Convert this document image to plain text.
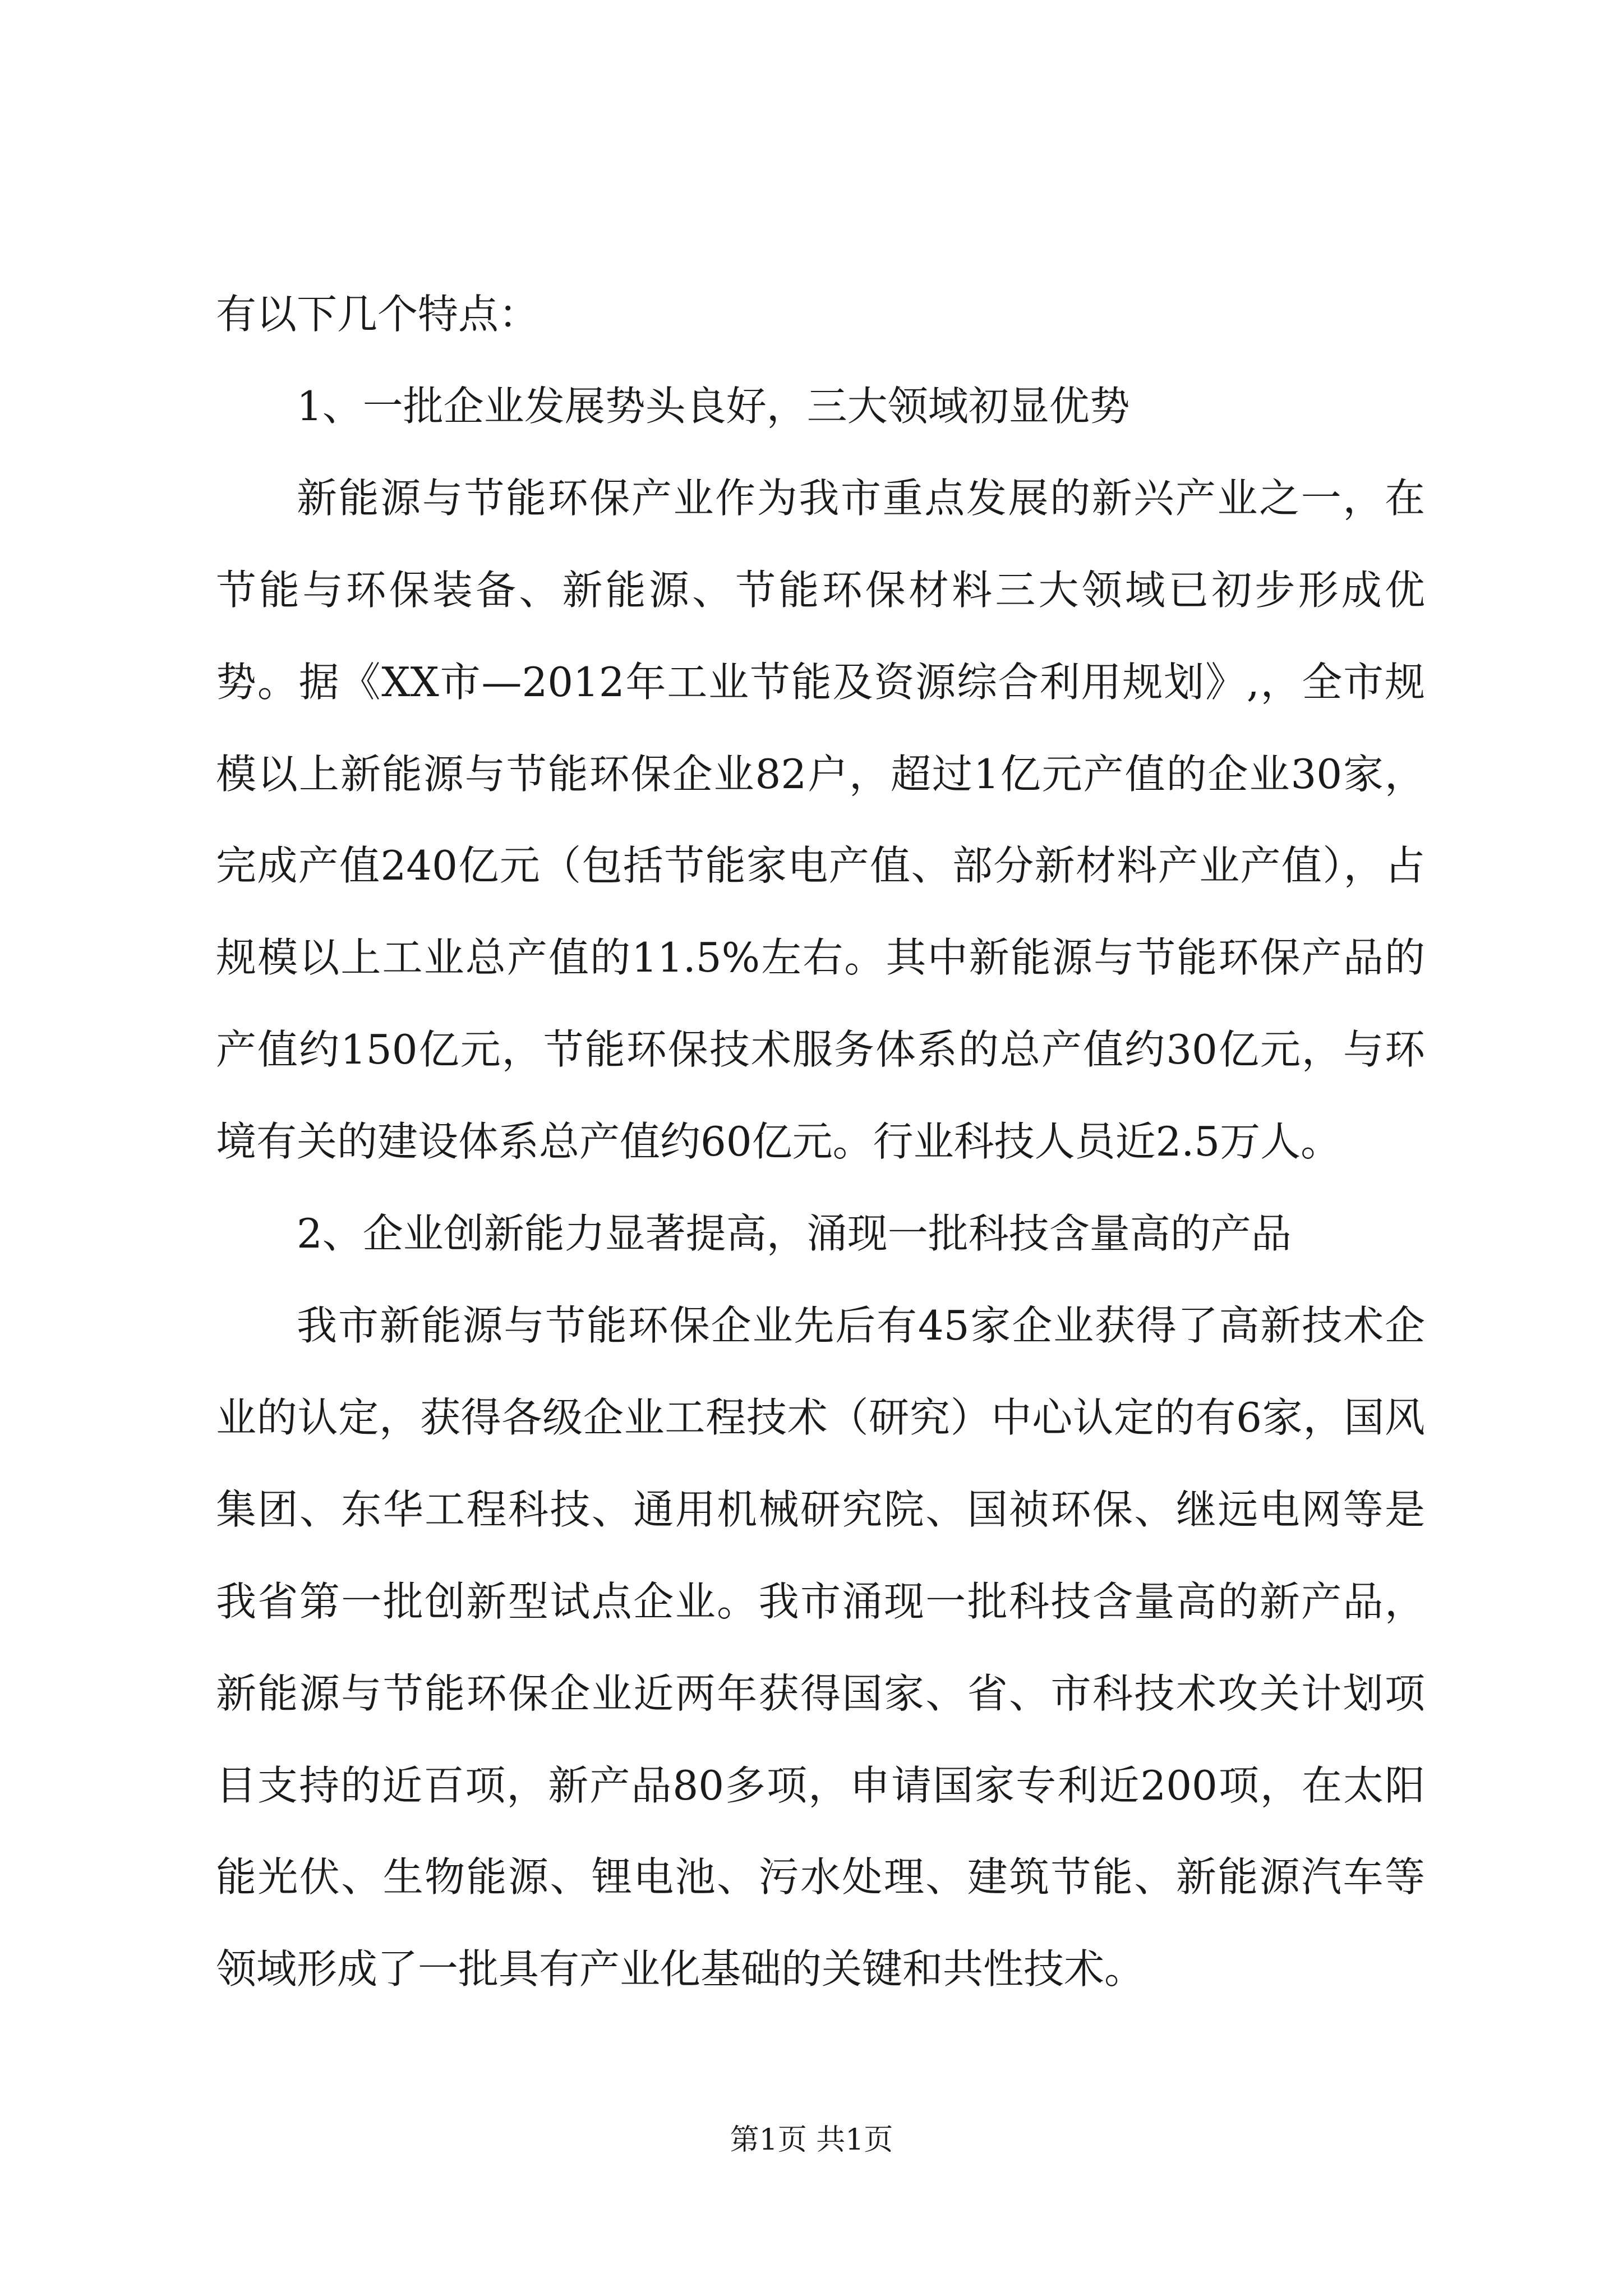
有以下几个特点：

1、一批企业发展势头良好，三大领域初显优势

新能源与节能环保产业作为我市重点发展的新兴产业之一，在节能与环保装备、新能源、节能环保材料三大领域已初步形成优势。据《XX市—2012年工业节能及资源综合利用规划》,，全市规模以上新能源与节能环保企业82户，超过1亿元产值的企业30家，完成产值240亿元（包括节能家电产值、部分新材料产业产值），占规模以上工业总产值的11.5%左右。其中新能源与节能环保产品的产值约150亿元，节能环保技术服务体系的总产值约30亿元，与环境有关的建设体系总产值约60亿元。行业科技人员近2.5万人。

2、企业创新能力显著提高，涌现一批科技含量高的产品

我市新能源与节能环保企业先后有45家企业获得了高新技术企业的认定，获得各级企业工程技术（研究）中心认定的有6家，国风集团、东华工程科技、通用机械研究院、国祯环保、继远电网等是我省第一批创新型试点企业。我市涌现一批科技含量高的新产品，新能源与节能环保企业近两年获得国家、省、市科技术攻关计划项目支持的近百项，新产品80多项，申请国家专利近200项，在太阳能光伏、生物能源、锂电池、污水处理、建筑节能、新能源汽车等领域形成了一批具有产业化基础的关键和共性技术。

第1页 共1页
